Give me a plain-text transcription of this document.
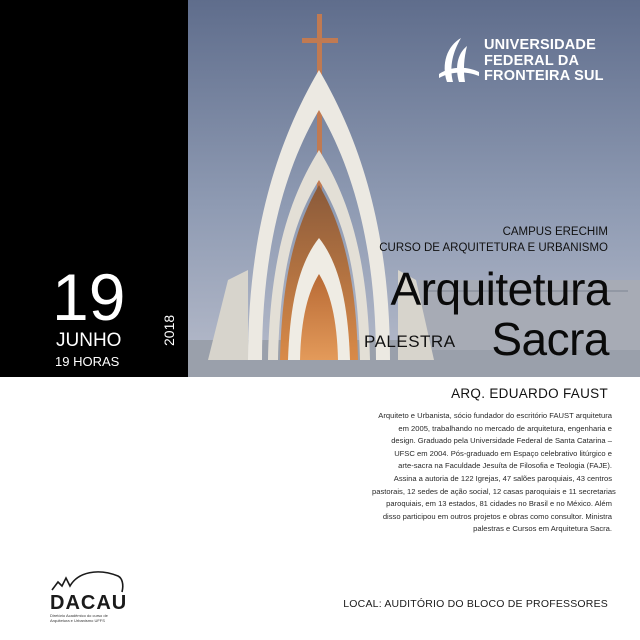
UNIVERSIDADE
FEDERAL DA
FRONTEIRA SUL
CAMPUS ERECHIM
CURSO DE ARQUITETURA E URBANISMO
Arquitetura
Sacra
PALESTRA
19
JUNHO
19 HORAS
2018
ARQ. EDUARDO FAUST
Arquiteto e Urbanista, sócio fundador do escritório FAUST arquitetura
em 2005, trabalhando no mercado de arquitetura, engenharia e
design. Graduado pela Universidade Federal de Santa Catarina –
UFSC em 2004. Pós-graduado em Espaço celebrativo litúrgico e
arte-sacra na Faculdade Jesuíta de Filosofia e Teologia (FAJE).
Assina a autoria de 122 Igrejas, 47 salões paroquiais, 43 centros
pastorais, 12 sedes de ação social, 12 casas paroquiais e 11 secretarias
paroquiais, em 13 estados, 81 cidades no Brasil e no México. Além
disso participou em outros projetos e obras como consultor. Ministra
palestras e Cursos em Arquitetura Sacra.
DACAU
Diretório Acadêmico do curso de Arquitetura e Urbanismo UFFS
LOCAL: AUDITÓRIO DO BLOCO DE PROFESSORES
